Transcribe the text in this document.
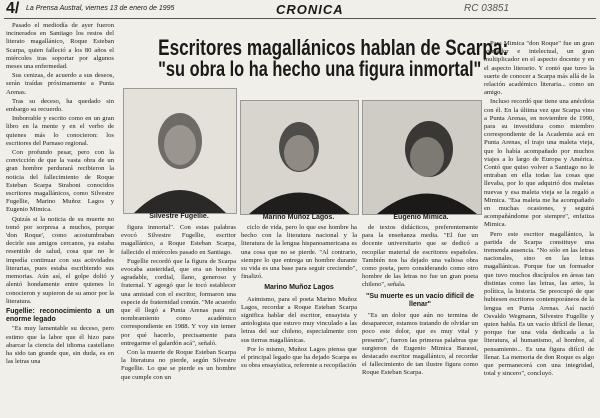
4/ La Prensa Austral, viernes 13 de enero de 1995	CRONICA	RC 03851

Pasado el mediodía de ayer fueron incinerados en Santiago los restos del literato magallánico, Roque Esteban Scarpa, quien falleció a los 80 años el miércoles tras soportar por algunos meses una enfermedad.

Sus cenizas, de acuerdo a sus deseos, serán traídas próximamente a Punta Arenas.

Tras su deceso, ha quedado sin embargo su recuerdo.

Imborrable y escrito como en un gran libro en la mente y en el verbo de quienes más lo conocieron: los escritores del Parnaso regional.

Con profundo pesar, pero con la convicción de que la vasta obra de un gran hombre perdurará recibieron la noticia del fallecimiento de Roque Esteban Scarpa Straboni conocidos escritores magallánicos, como Silvestre Fugellie, Marino Muñoz Lagos y Eugenio Mimica.

Quizás si la noticia de su muerte no tomó por sorpresa a muchos, porque 'don Roque', como acostumbraban decirle sus amigos cercanos, ya estaba resentido de salud, cosa que no le impedía continuar con sus actividades literarias, pues estaba escribiendo sus memorias. Aún así, el golpe dolió y alentó hondamente entre quienes lo conocieron y supieron de su amor por la literatura.

Fugellie: reconocimiento a un enorme legado

"Es muy lamentable su deceso, pero estimo que la labor que él hizo para abarcar la ciencia del idioma castellano ha sido tan grande que, sin duda, es en las letras una

Escritores magallánicos hablan de Scarpa:
"su obra lo ha hecho una figura inmortal"
Silvestre Fugellie.	Marino Muñoz Lagos.	Eugenio Mimica.

figura inmortal". Con estas palabras evocó Silvestre Fugellie, escritor magallánico, a Roque Esteban Scarpa, fallecido el miércoles pasado en Santiago.

Fugellie recordó que la figura de Scarpa evocaba austeridad, que era un hombre agradable, cordial, llano, generoso y fraternal. Y agregó que le tocó establecer una amistad con el escritor, formaron una especie de fraternidad común. "Me acuerdo que él llegó a Punta Arenas para mi nombramiento como académico correspondiente en 1988. Y voy sin temer por qué hacerlo, precisamente para entregarme el galardón acá", señaló.

Con la muerte de Roque Esteban Scarpa la literatura no pierde, según Silvestre Fugellie. Lo que se pierde es un hombre que cumple con un

ciclo de vida, pero lo que ese hombre ha hecho con la literatura nacional y la literatura de la lengua hispanoamericana es una cosa que no se pierde. "Al contrario, siempre lo que entrega un hombre durante su vida es una base para seguir creciendo", finalizó.

Marino Muñoz Lagos

Asimismo, para el poeta Marino Muñoz Lagos, recordar a Roque Esteban Scarpa significa hablar del escritor, ensayista y antologista que estuvo muy vinculado a las letras del sur chileno, especialmente con sus tierras magallánicas.

Por lo mismo, Muñoz Lagos piensa que el principal legado que ha dejado Scarpa es su obra ensayística, referente a recopilación

de textos didácticos, preferentemente para la enseñanza media. "El fue un docente universitario que se dedicó a recopilar material de escritores españoles. También nos ha dejado una valiosa obra como poeta, pero considerando como otro hombre de las letras no fue un gran poeta chileno", señala.

"Su muerte es un vacío difícil de llenar"

"Es un dolor que aún no termina de desaparecer, estamos tratando de olvidar un poco este dolor, que es muy vital y presente", fueron las primeras palabras que surgieron de Eugenio Mimica Barassi, destacado escritor magallánico, al recordar el fallecimiento de tan ilustre figura como Roque Esteban Scarpa.

Para Mimica "don Roque" fue un gran formador e intelectual, un gran multiplicador en el aspecto docente y en el aspecto literario. Y contó que tuvo la suerte de conocer a Scarpa más allá de la relación académico literaria... como un amigo.

Incluso recordó que tiene una anécdota con él. En la última vez que Scarpa vino a Punta Arenas, en noviembre de 1990, para su investidura como miembro correspondiente de la Academia acá en Punta Arenas, el trajo una maleta vieja, que lo había acompañado por muchos viajes a lo largo de Europa y América. Contó que quiso volver a Santiago no le entraban en ella todas las cosas que llevaba, por lo que adquirió dos maletas nuevas y esa maleta vieja se la regaló a Mimica. "Esa maleta me ha acompañado en muchas ocasiones, y seguirá acompañándome por siempre", enfatiza Mimica.

Pero este escritor magallánico, la partida de Scarpa constituye una tremenda ausencia. "No sólo en las letras nacionales, sino en las letras magallánicas. Porque fue un formador que tuvo muchos discípulos en áreas tan distintas como las letras, las artes, la política, la historia. Se preocupó de que hubiesen escritores contemporáneos de la lengua en Punta Arenas. Así nació Osvaldo Wegmann, Silvestre Fugellie y quien habla. Es un vacío difícil de llenar, porque fue una vida dedicada a la literatura, al humanismo, al hombre, al pensamiento... Es una figura difícil de llenar. La memoria de don Roque es algo que permanecerá con una integridad, total y sincero", concluyó.
